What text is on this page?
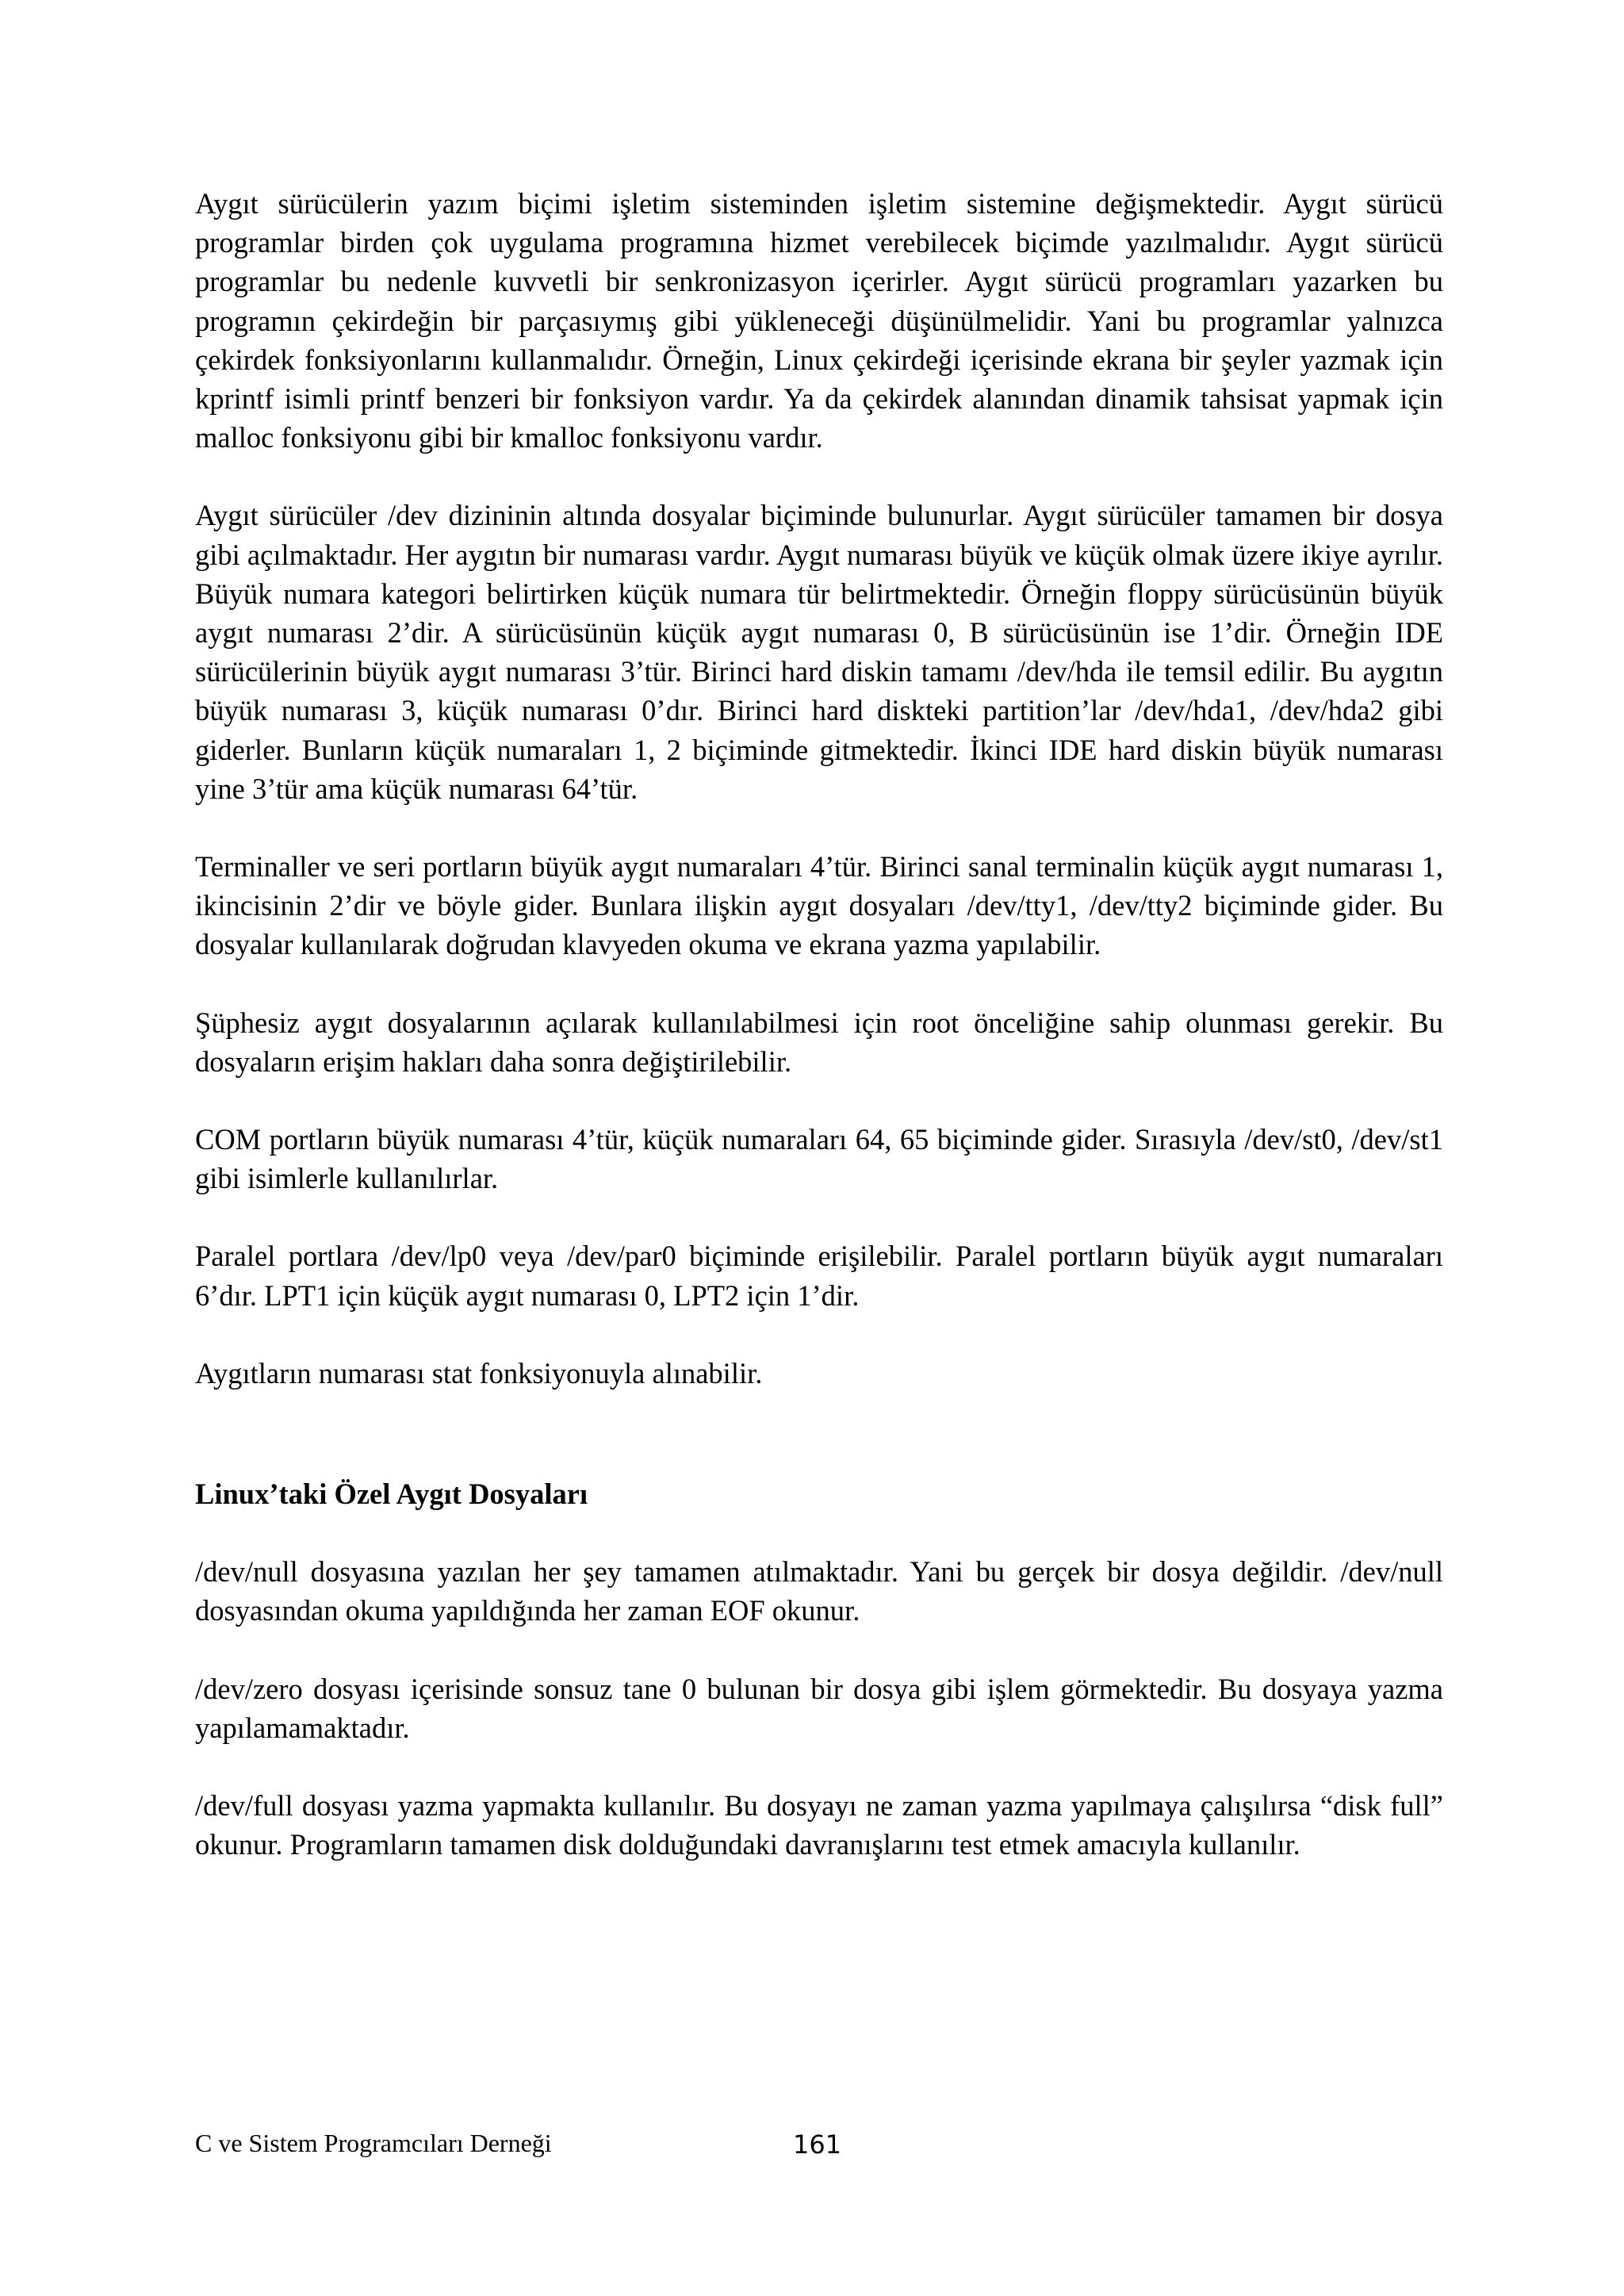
Aygıt sürücülerin yazım biçimi işletim sisteminden işletim sistemine değişmektedir. Aygıt sürücü programlar birden çok uygulama programına hizmet verebilecek biçimde yazılmalıdır. Aygıt sürücü programlar bu nedenle kuvvetli bir senkronizasyon içerirler. Aygıt sürücü programları yazarken bu programın çekirdeğin bir parçasıymış gibi yükleneceği düşünülmelidir. Yani bu programlar yalnızca çekirdek fonksiyonlarını kullanmalıdır. Örneğin, Linux çekirdeği içerisinde ekrana bir şeyler yazmak için kprintf isimli printf benzeri bir fonksiyon vardır. Ya da çekirdek alanından dinamik tahsisat yapmak için malloc fonksiyonu gibi bir kmalloc fonksiyonu vardır.

Aygıt sürücüler /dev dizininin altında dosyalar biçiminde bulunurlar. Aygıt sürücüler tamamen bir dosya gibi açılmaktadır. Her aygıtın bir numarası vardır. Aygıt numarası büyük ve küçük olmak üzere ikiye ayrılır. Büyük numara kategori belirtirken küçük numara tür belirtmektedir. Örneğin floppy sürücüsünün büyük aygıt numarası 2’dir. A sürücüsünün küçük aygıt numarası 0, B sürücüsünün ise 1’dir. Örneğin IDE sürücülerinin büyük aygıt numarası 3’tür. Birinci hard diskin tamamı /dev/hda ile temsil edilir. Bu aygıtın büyük numarası 3, küçük numarası 0’dır. Birinci hard diskteki partition’lar /dev/hda1, /dev/hda2 gibi giderler. Bunların küçük numaraları 1, 2 biçiminde gitmektedir. İkinci IDE hard diskin büyük numarası yine 3’tür ama küçük numarası 64’tür.

Terminaller ve seri portların büyük aygıt numaraları 4’tür. Birinci sanal terminalin küçük aygıt numarası 1, ikincisinin 2’dir ve böyle gider. Bunlara ilişkin aygıt dosyaları /dev/tty1, /dev/tty2 biçiminde gider. Bu dosyalar kullanılarak doğrudan klavyeden okuma ve ekrana yazma yapılabilir.

Şüphesiz aygıt dosyalarının açılarak kullanılabilmesi için root önceliğine sahip olunması gerekir. Bu dosyaların erişim hakları daha sonra değiştirilebilir.

COM portların büyük numarası 4’tür, küçük numaraları 64, 65 biçiminde gider. Sırasıyla /dev/st0, /dev/st1 gibi isimlerle kullanılırlar.

Paralel portlara /dev/lp0 veya /dev/par0 biçiminde erişilebilir. Paralel portların büyük aygıt numaraları 6’dır. LPT1 için küçük aygıt numarası 0, LPT2 için 1’dir.

Aygıtların numarası stat fonksiyonuyla alınabilir.

Linux’taki Özel Aygıt Dosyaları

/dev/null dosyasına yazılan her şey tamamen atılmaktadır. Yani bu gerçek bir dosya değildir. /dev/null dosyasından okuma yapıldığında her zaman EOF okunur.

/dev/zero dosyası içerisinde sonsuz tane 0 bulunan bir dosya gibi işlem görmektedir. Bu dosyaya yazma yapılamamaktadır.

/dev/full dosyası yazma yapmakta kullanılır. Bu dosyayı ne zaman yazma yapılmaya çalışılırsa “disk full” okunur. Programların tamamen disk dolduğundaki davranışlarını test etmek amacıyla kullanılır.

C ve Sistem Programcıları Derneği	161
